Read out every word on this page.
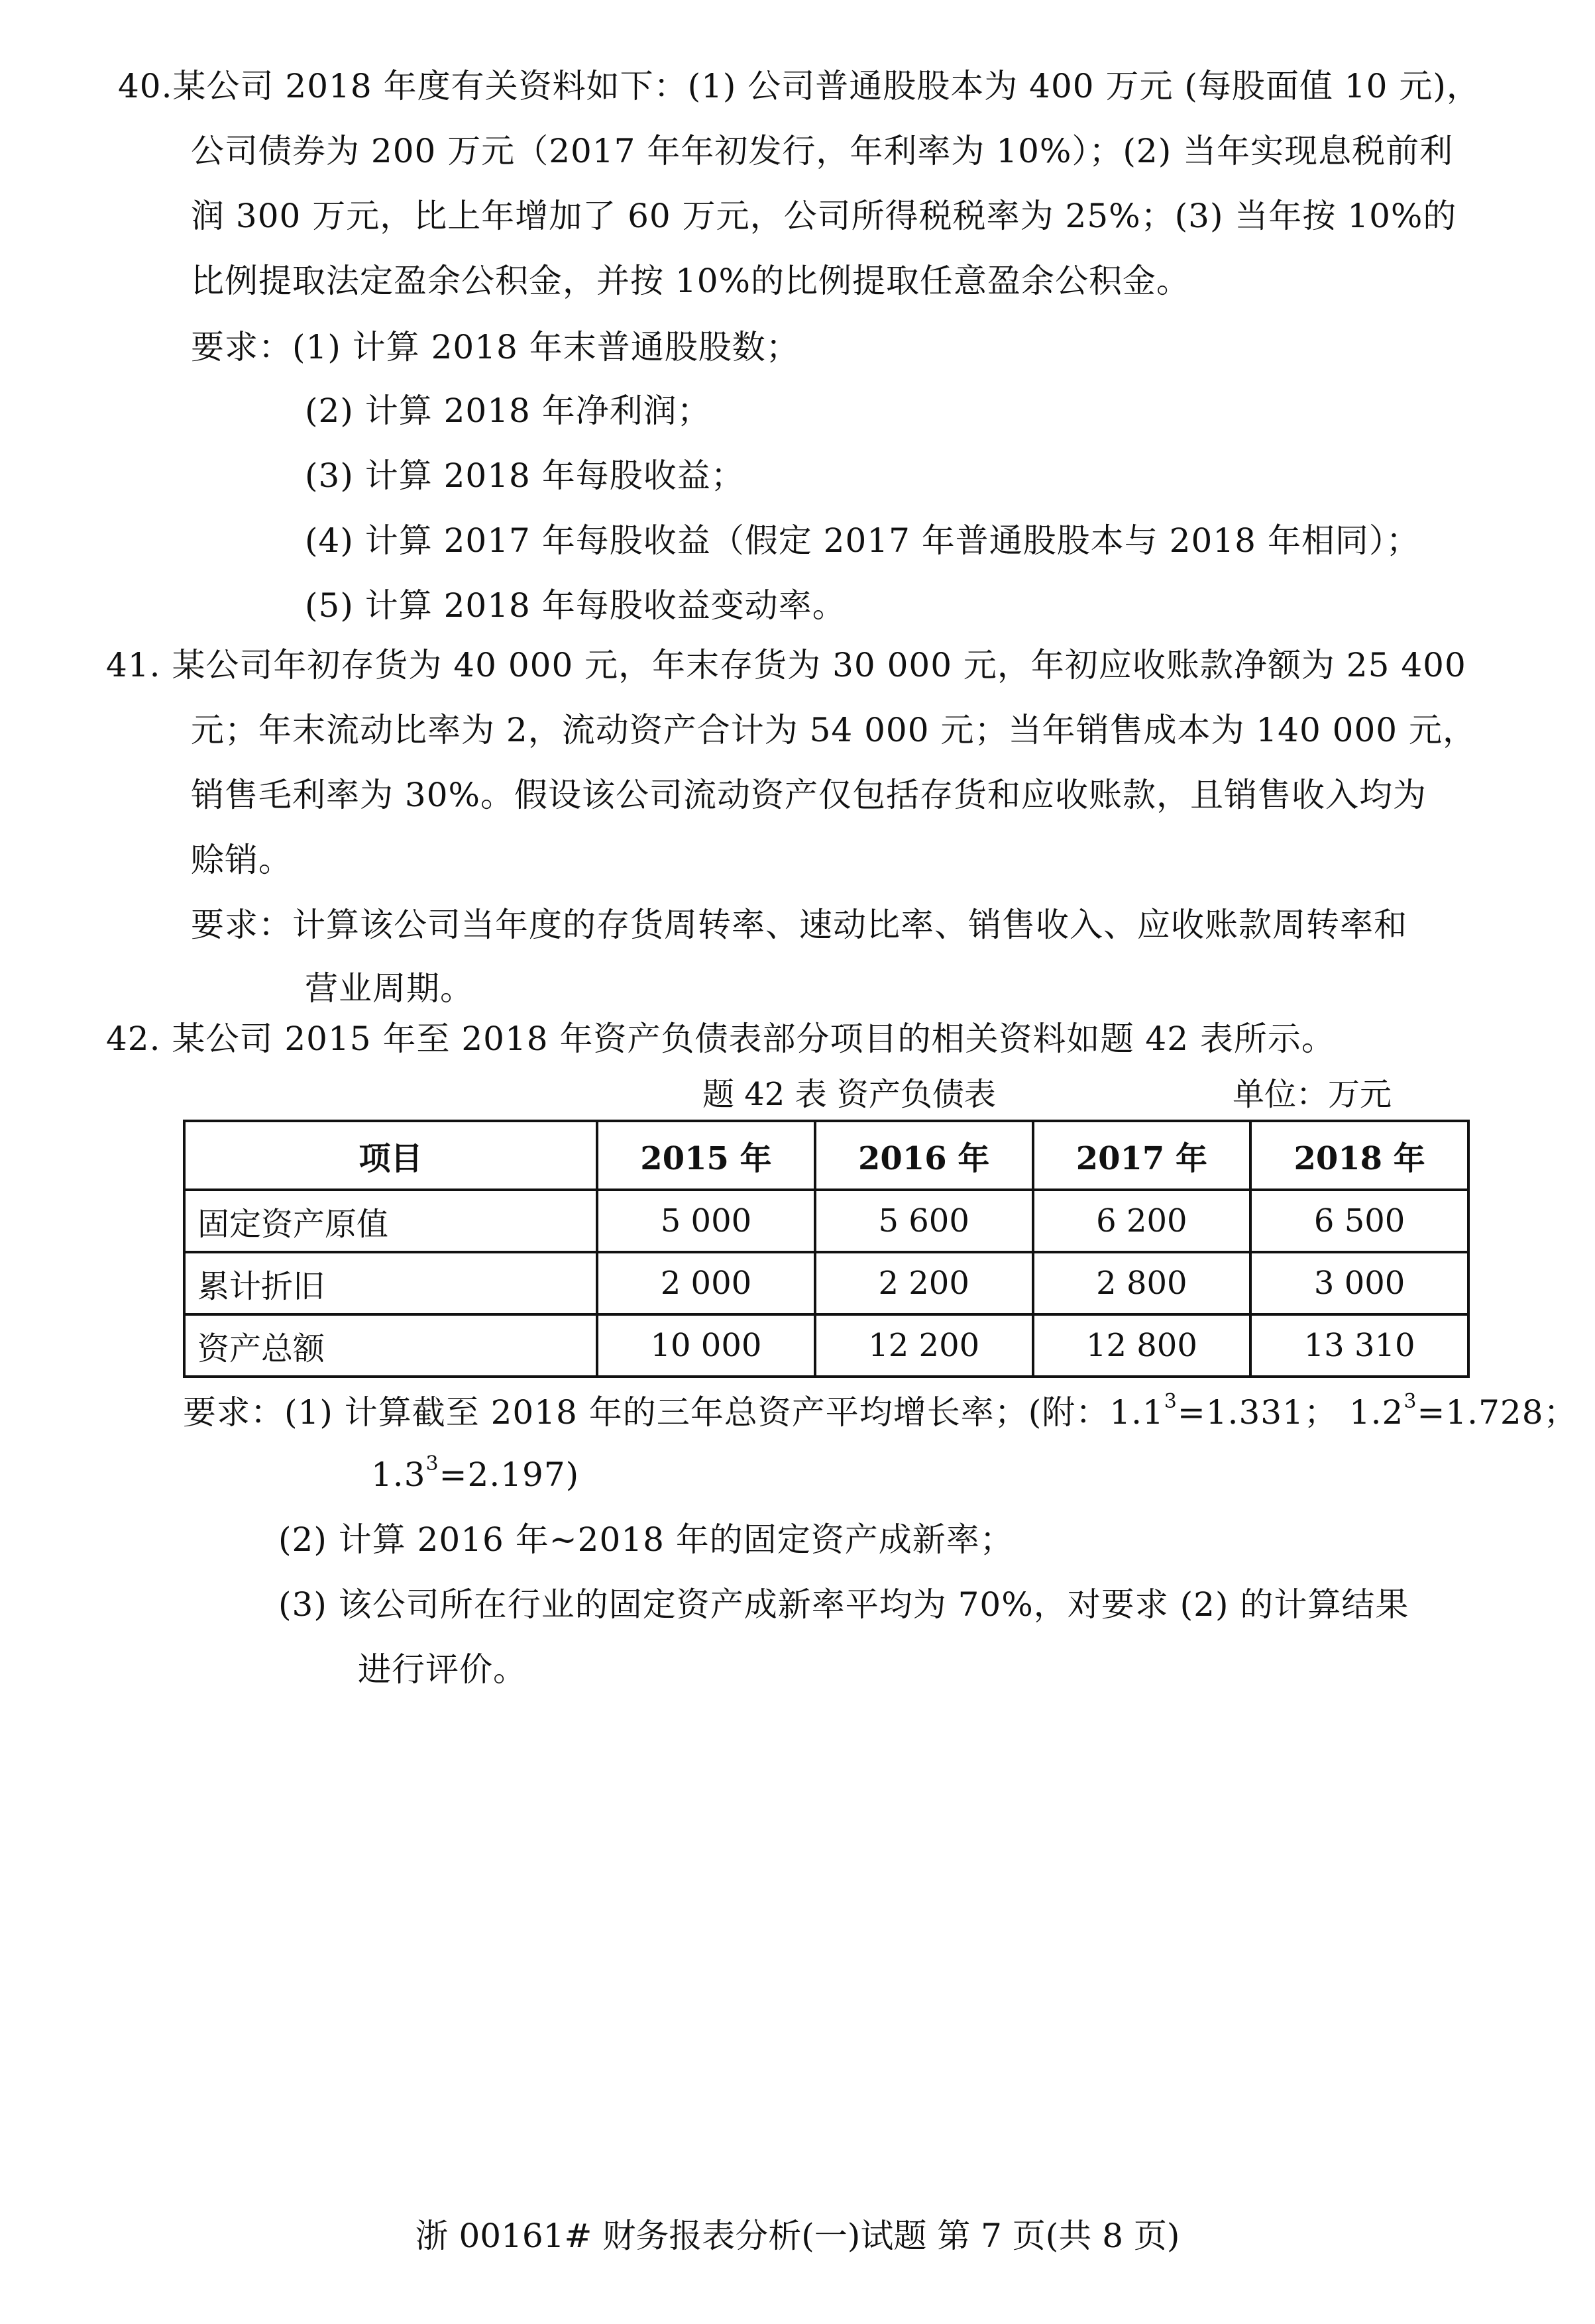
40.某公司 2018 年度有关资料如下：(1) 公司普通股股本为 400 万元 (每股面值 10 元)，
公司债券为 200 万元（2017 年年初发行，年利率为 10%）；(2) 当年实现息税前利
润 300 万元，比上年增加了 60 万元，公司所得税税率为 25%；(3) 当年按 10%的
比例提取法定盈余公积金，并按 10%的比例提取任意盈余公积金。
要求：(1) 计算 2018 年末普通股股数；
(2) 计算 2018 年净利润；
(3) 计算 2018 年每股收益；
(4) 计算 2017 年每股收益（假定 2017 年普通股股本与 2018 年相同）；
(5) 计算 2018 年每股收益变动率。
41. 某公司年初存货为 40 000 元，年末存货为 30 000 元，年初应收账款净额为 25 400
元；年末流动比率为 2，流动资产合计为 54 000 元；当年销售成本为 140 000 元，
销售毛利率为 30%。假设该公司流动资产仅包括存货和应收账款，且销售收入均为
赊销。
要求：计算该公司当年度的存货周转率、速动比率、销售收入、应收账款周转率和
营业周期。
42. 某公司 2015 年至 2018 年资产负债表部分项目的相关资料如题 42 表所示。
题 42 表 资产负债表	单位：万元
项目	2015 年	2016 年	2017 年	2018 年
固定资产原值	5 000	5 600	6 200	6 500
累计折旧	2 000	2 200	2 800	3 000
资产总额	10 000	12 200	12 800	13 310
要求：(1) 计算截至 2018 年的三年总资产平均增长率；(附：$1.1^3=1.331$； $1.2^3=1.728$；
$1.3^3=2.197$)
(2) 计算 2016 年~2018 年的固定资产成新率；
(3) 该公司所在行业的固定资产成新率平均为 70%，对要求 (2) 的计算结果
进行评价。
浙 00161# 财务报表分析(一)试题 第 7 页(共 8 页)
